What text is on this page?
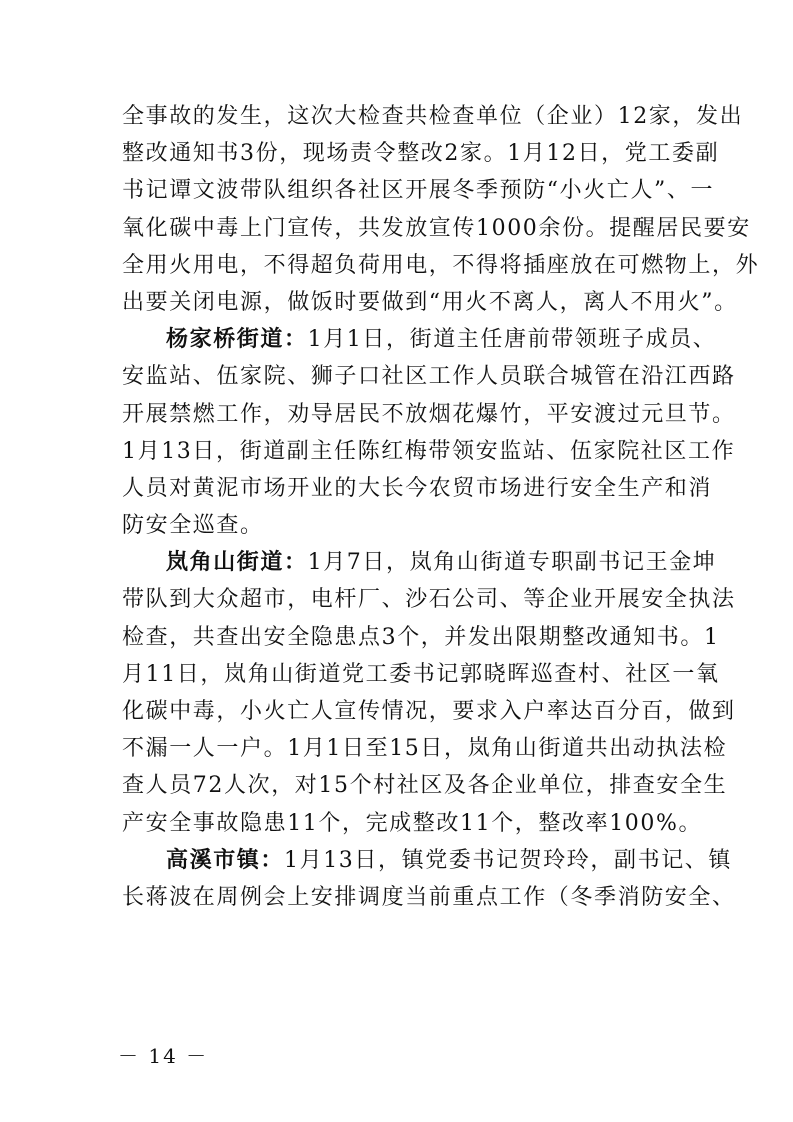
全事故的发生，这次大检查共检查单位（企业）12家，发出
整改通知书3份，现场责令整改2家。1月12日，党工委副
书记谭文波带队组织各社区开展冬季预防“小火亡人”、一
氧化碳中毒上门宣传，共发放宣传1000余份。提醒居民要安
全用火用电，不得超负荷用电，不得将插座放在可燃物上，外
出要关闭电源，做饭时要做到“用火不离人，离人不用火”。
杨家桥街道：1月1日，街道主任唐前带领班子成员、
安监站、伍家院、狮子口社区工作人员联合城管在沿江西路
开展禁燃工作，劝导居民不放烟花爆竹，平安渡过元旦节。
1月13日，街道副主任陈红梅带领安监站、伍家院社区工作
人员对黄泥市场开业的大长今农贸市场进行安全生产和消
防安全巡查。
岚角山街道：1月7日，岚角山街道专职副书记王金坤
带队到大众超市，电杆厂、沙石公司、等企业开展安全执法
检查，共查出安全隐患点3个，并发出限期整改通知书。1
月11日，岚角山街道党工委书记郭晓晖巡查村、社区一氧
化碳中毒，小火亡人宣传情况，要求入户率达百分百，做到
不漏一人一户。1月1日至15日，岚角山街道共出动执法检
查人员72人次，对15个村社区及各企业单位，排查安全生
产安全事故隐患11个，完成整改11个，整改率100%。
高溪市镇：1月13日，镇党委书记贺玲玲，副书记、镇
长蒋波在周例会上安排调度当前重点工作（冬季消防安全、
－ 14 －
